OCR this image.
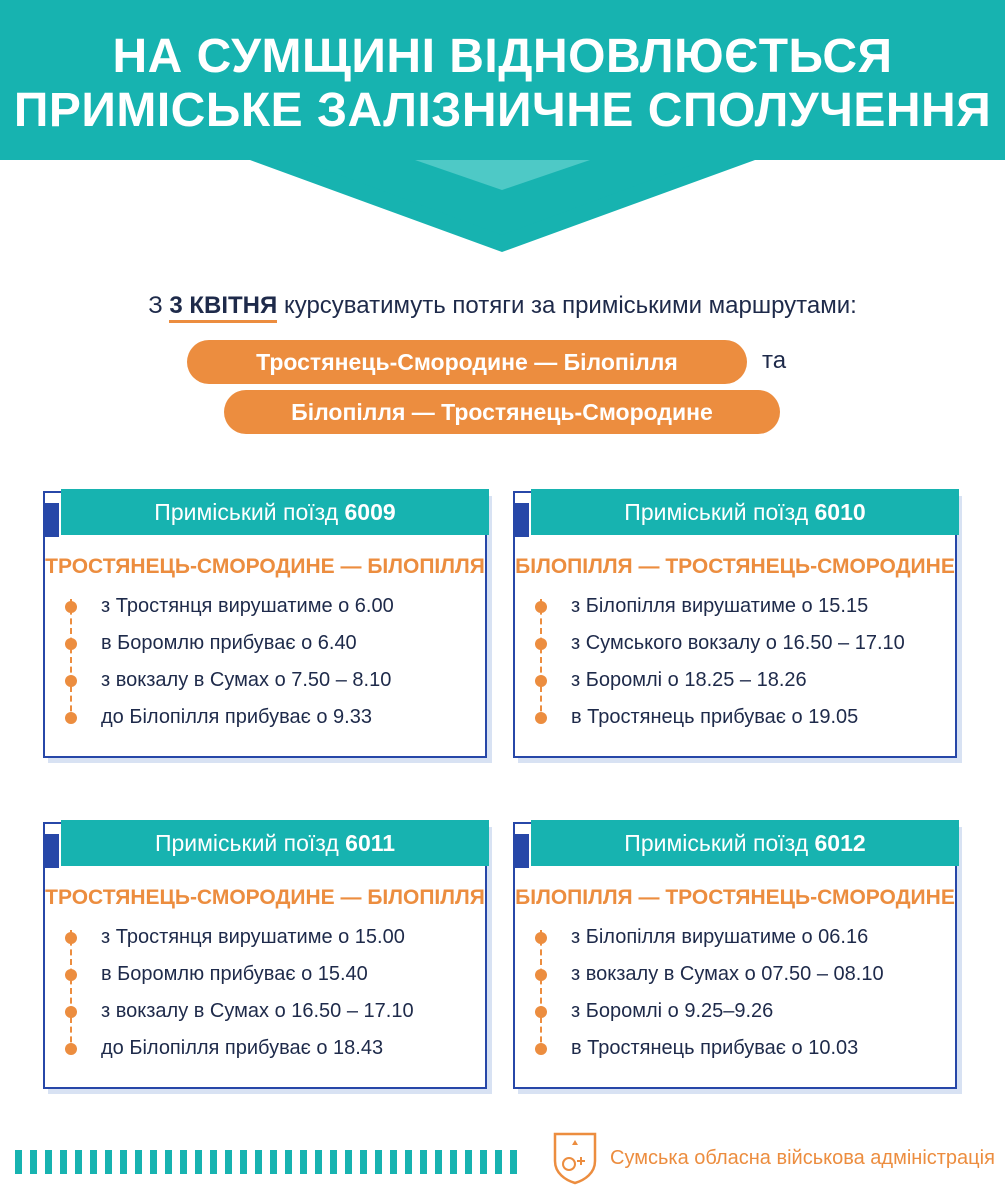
НА СУМЩИНІ ВІДНОВЛЮЄТЬСЯ
ПРИМІСЬКЕ ЗАЛІЗНИЧНЕ СПОЛУЧЕННЯ
З 3 КВІТНЯ курсуватимуть потяги за приміськими маршрутами:
Тростянець-Смородине — Білопілля	та
Білопілля — Тростянець-Смородине
Приміський поїзд 6009
ТРОСТЯНЕЦЬ-СМОРОДИНЕ — БІЛОПІЛЛЯ
з Тростянця вирушатиме о 6.00
в Боромлю прибуває о 6.40
з вокзалу в Сумах о 7.50 – 8.10
до Білопілля прибуває о 9.33
Приміський поїзд 6010
БІЛОПІЛЛЯ — ТРОСТЯНЕЦЬ-СМОРОДИНЕ
з Білопілля вирушатиме о 15.15
з Сумського вокзалу о 16.50 – 17.10
з Боромлі о 18.25 – 18.26
в Тростянець прибуває о 19.05
Приміський поїзд 6011
ТРОСТЯНЕЦЬ-СМОРОДИНЕ — БІЛОПІЛЛЯ
з Тростянця вирушатиме о 15.00
в Боромлю прибуває о 15.40
з вокзалу в Сумах о 16.50 – 17.10
до Білопілля прибуває о 18.43
Приміський поїзд 6012
БІЛОПІЛЛЯ — ТРОСТЯНЕЦЬ-СМОРОДИНЕ
з Білопілля вирушатиме о 06.16
з вокзалу в Сумах о 07.50 – 08.10
з Боромлі о 9.25–9.26
в Тростянець прибуває о 10.03
Сумська обласна військова адміністрація
